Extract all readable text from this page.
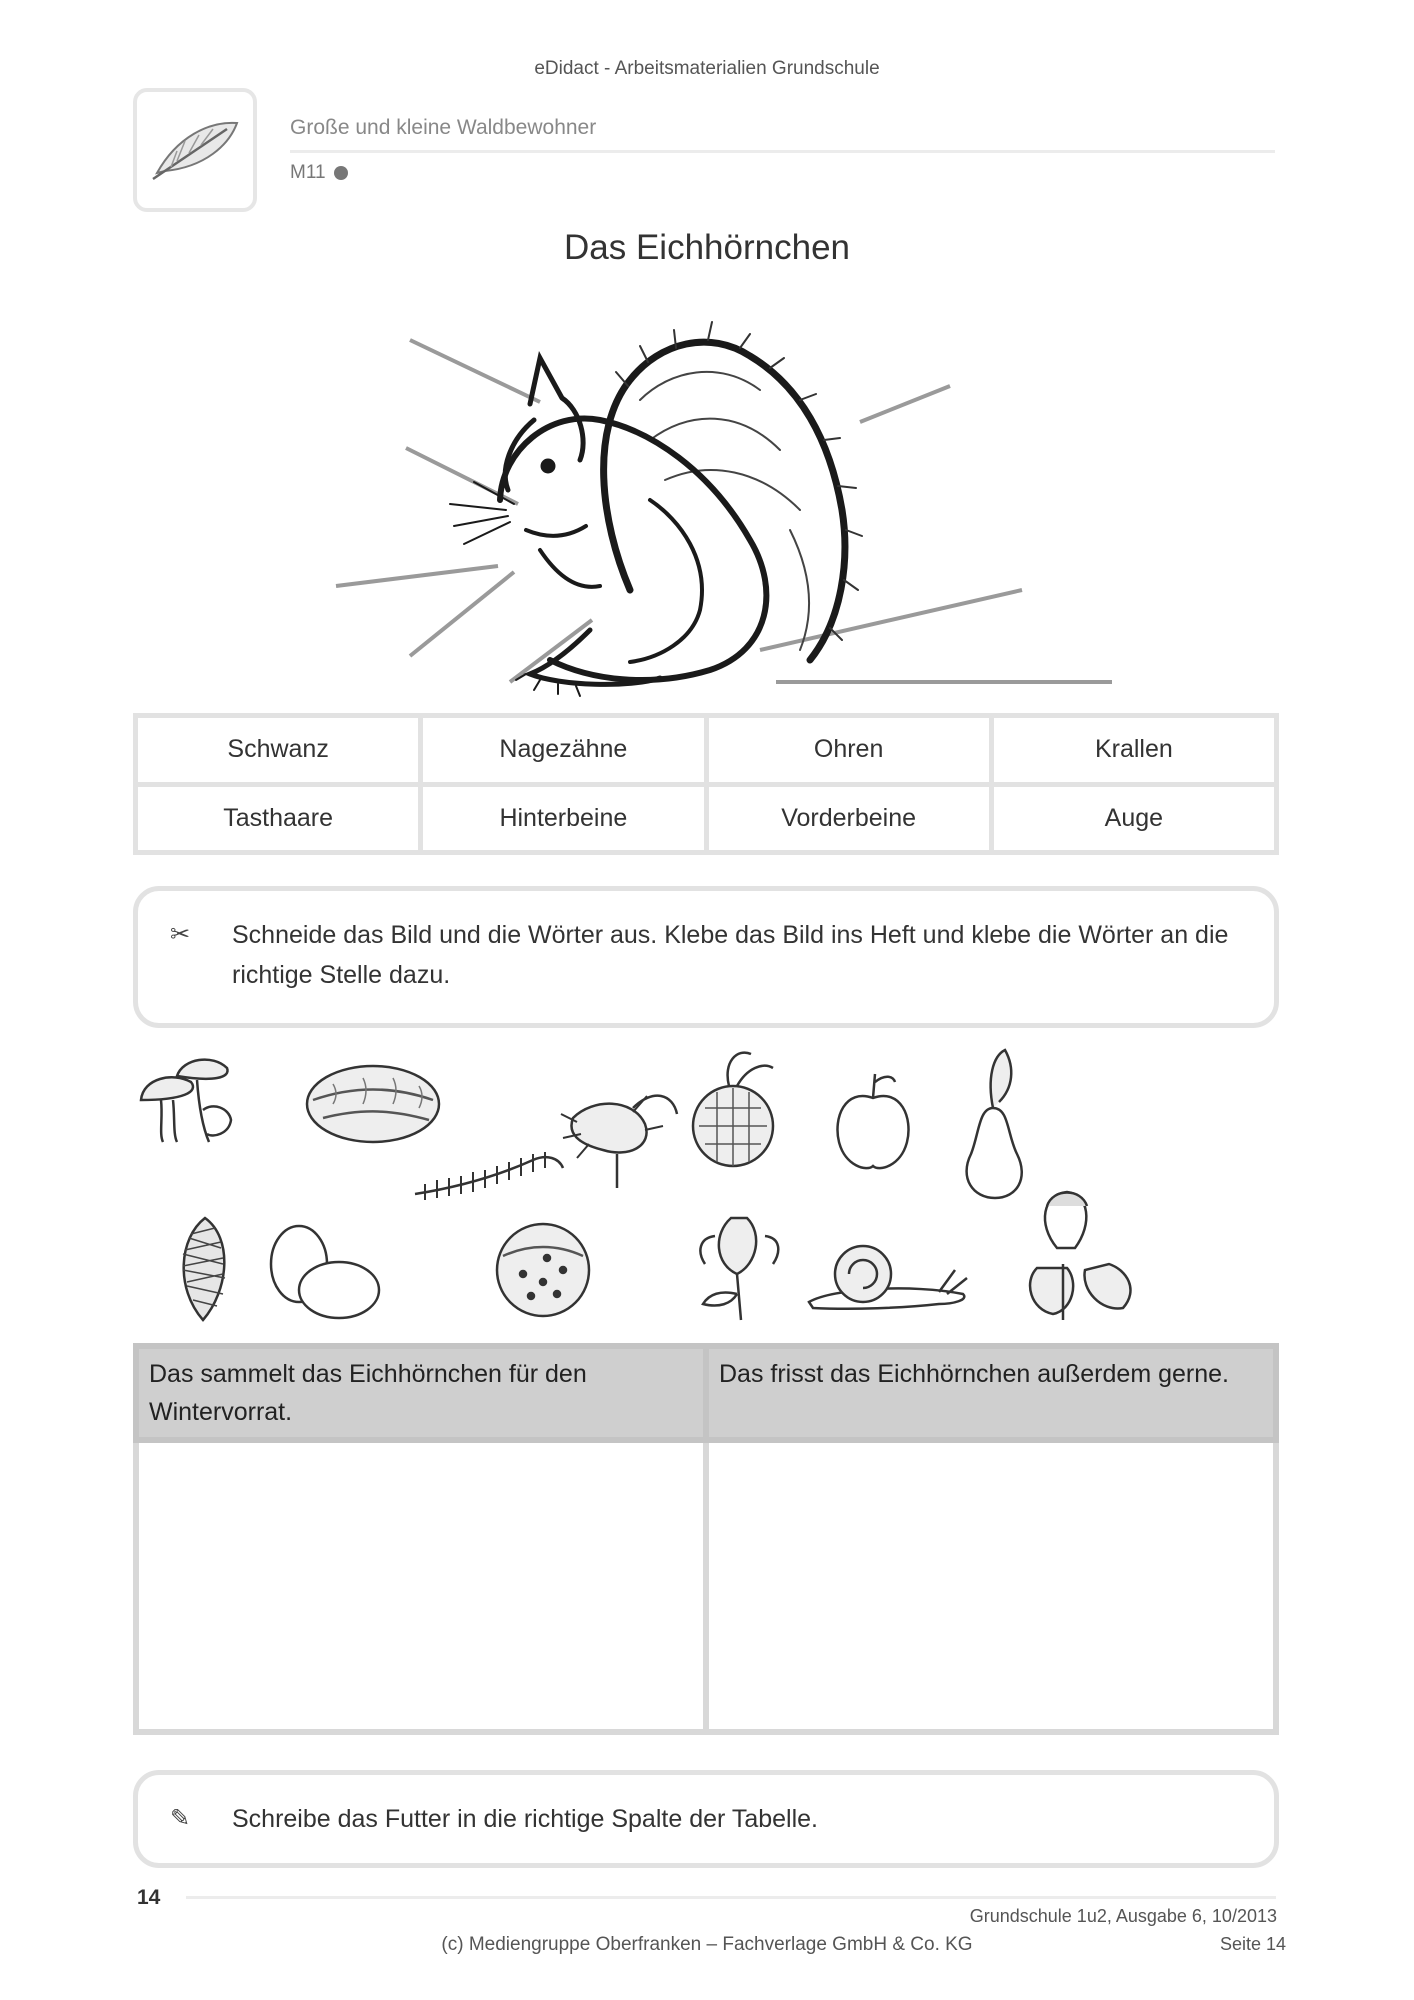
eDidact - Arbeitsmaterialien Grundschule
Große und kleine Waldbewohner
M11
Das Eichhörnchen
Schwanz	Nagezähne	Ohren	Krallen
Tasthaare	Hinterbeine	Vorderbeine	Auge
✂	Schneide das Bild und die Wörter aus. Klebe das Bild ins Heft und klebe die Wörter an die richtige Stelle dazu.
Das sammelt das Eichhörnchen für den Wintervorrat.	Das frisst das Eichhörnchen außerdem gerne.

✎	Schreibe das Futter in die richtige Spalte der Tabelle.
14
Grundschule 1u2, Ausgabe 6, 10/2013
(c) Mediengruppe Oberfranken – Fachverlage GmbH & Co. KG	Seite 14
